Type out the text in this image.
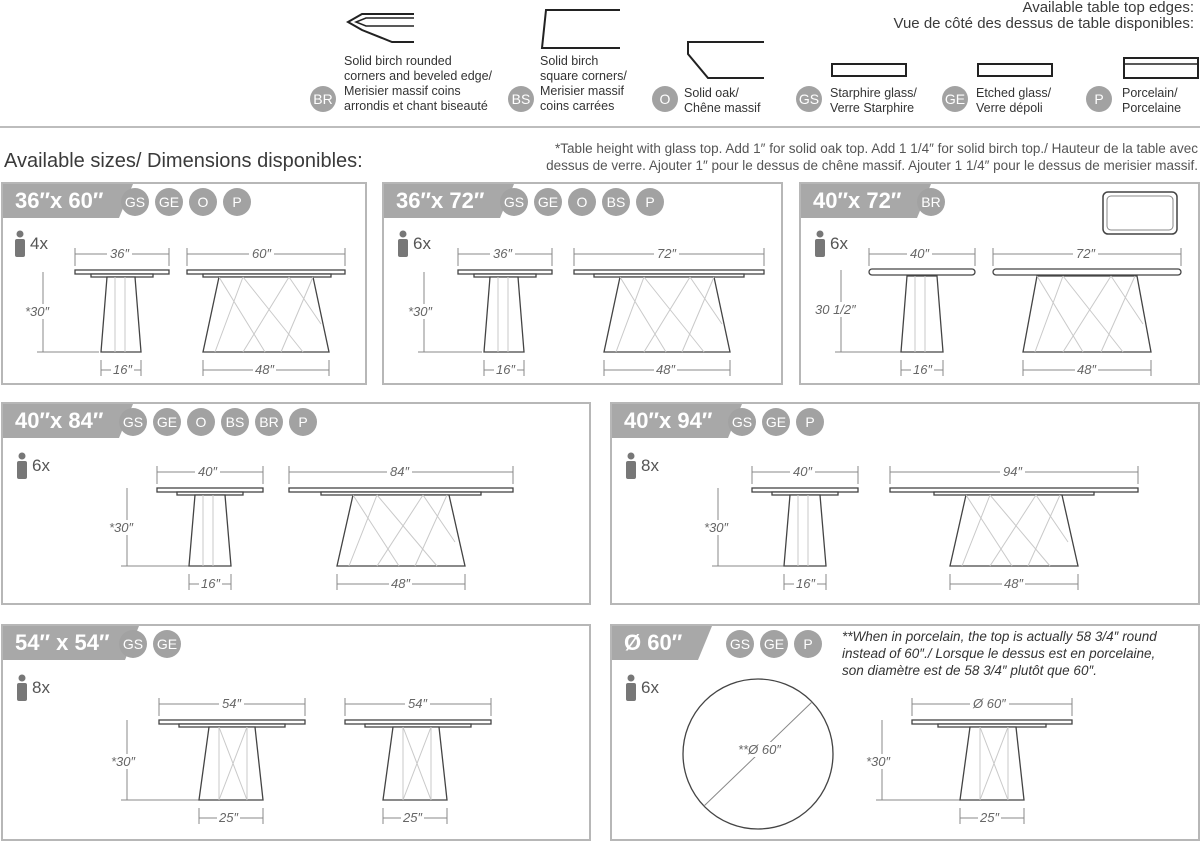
Available table top edges:
Vue de côté des dessus de table disponibles:
BR
Solid birch rounded
corners and beveled edge/
Merisier massif coins
arrondis et chant biseauté BS
Solid birch
square corners/
Merisier massif
coins carrées	O	Solid oak/
Chêne massif
GS Starphire glass/
Verre Starphire
GE Etched glass/
Verre dépoli
P	Porcelain/
Porcelaine
Available sizes/ Dimensions disponibles:
*Table height with glass top. Add 1″ for solid oak top. Add 1 1/4″ for solid birch top./ Hauteur de la table avec
dessus de verre. Ajouter 1″ pour le dessus de chêne massif. Ajouter 1 1/4″ pour le dessus de merisier massif.
36″x 60″	GS GE	O	P
4x
36″	60″
*30″
16″	48″
36″x 72″	GS GE	O	BS	P
6x
36″	72″
*30″
16″	48″
40″x 72″	BR
6x
40″	72″
30 1/2″
16″	48″
40″x 84″	GS GE	O	BS	BR	P
6x	40″	84″
*30″
16″	48″
40″x 94″	GS GE	P
8x	40″	94″
*30″
16″	48″
54″ x 54″ GS GE
8x
54″	54″
*30″
25″	25″
Ø 60″	GS GE	P	**When in porcelain, the top is actually 58 3/4″ round
instead of 60″./ Lorsque le dessus est en porcelaine,
son diamètre est de 58 3/4″ plutôt que 60″.
6x
**Ø 60″
Ø 60″
*30″
25″
